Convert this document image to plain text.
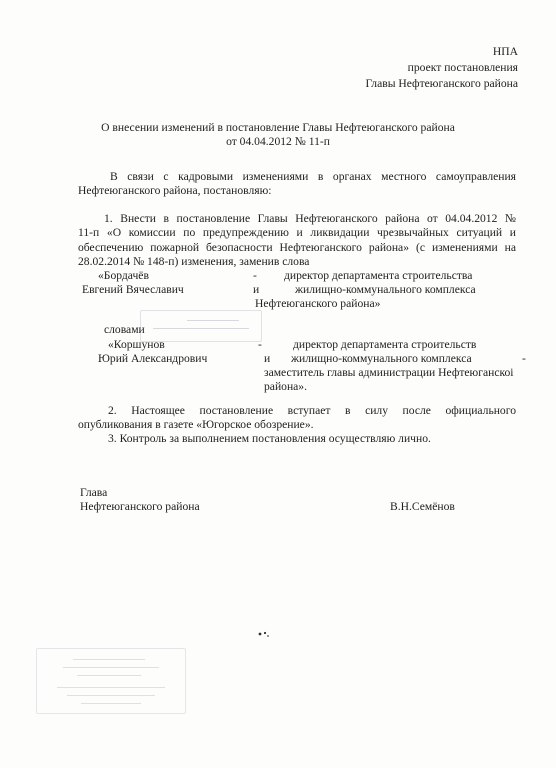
НПА
проект постановления
Главы Нефтеюганского района
О внесении изменений в постановление Главы Нефтеюганского района
от 04.04.2012 № 11-п
В связи с кадровыми изменениями в органах местного самоуправления
Нефтеюганского района, постановляю:
1. Внести в постановление Главы Нефтеюганского района от 04.04.2012 №
11-п «О комиссии по предупреждению и ликвидации чрезвычайных ситуаций и
обеспечению пожарной безопасности Нефтеюганского района» (с изменениями на
28.02.2014 № 148-п) изменения, заменив слова
«Бордачёв
Евгений Вячеславич
-
и
директор департамента строительства
жилищно-коммунального комплекса
Нефтеюганского района»
словами
«Коршунов
Юрий Александрович
-
и
директор департамента строительств
жилищно-коммунального комплекса	-
заместитель главы администрации Нефтеюганскоі
района».
2. Настоящее постановление вступает в силу после официального
опубликования в газете «Югорское обозрение».
3. Контроль за выполнением постановления осуществляю лично.
Глава
Нефтеюганского района	В.Н.Семёнов
